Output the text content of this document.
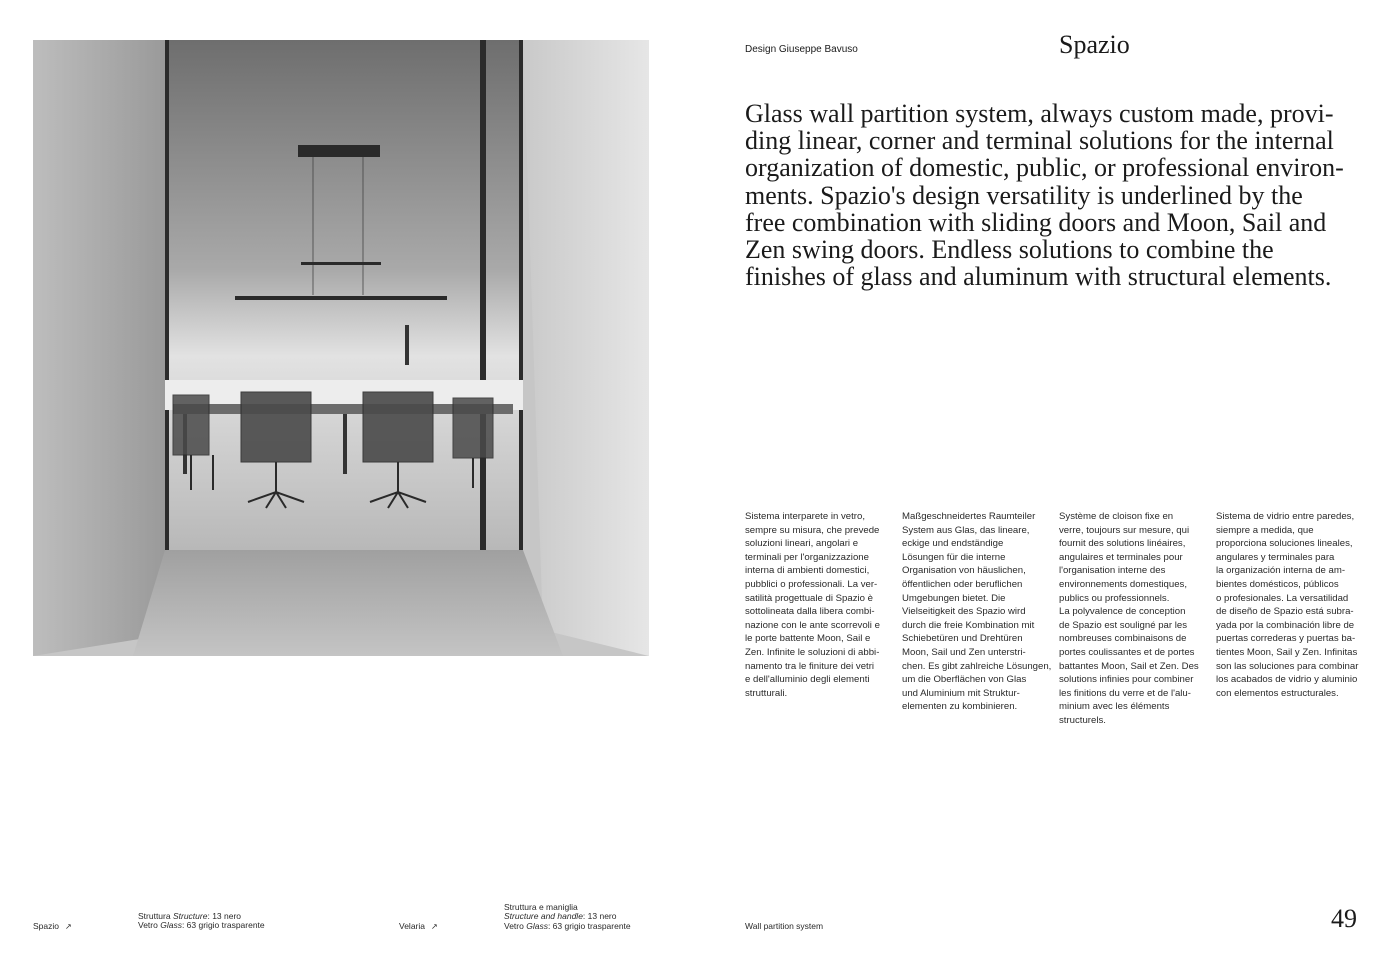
Design Giuseppe Bavuso	Spazio

Glass wall partition system, always custom made, provi-
ding linear, corner and terminal solutions for the internal
organization of domestic, public, or professional environ-
ments. Spazio's design versatility is underlined by the
free combination with sliding doors and Moon, Sail and
Zen swing doors. Endless solutions to combine the
finishes of glass and aluminum with structural elements.

Sistema interparete in vetro,
sempre su misura, che prevede
soluzioni lineari, angolari e
terminali per l'organizzazione
interna di ambienti domestici,
pubblici o professionali. La ver-
satilità progettuale di Spazio è
sottolineata dalla libera combi-
nazione con le ante scorrevoli e
le porte battente Moon, Sail e
Zen. Infinite le soluzioni di abbi-
namento tra le finiture dei vetri
e dell'alluminio degli elementi
strutturali.

Maßgeschneidertes Raumteiler
System aus Glas, das lineare,
eckige und endständige
Lösungen für die interne
Organisation von häuslichen,
öffentlichen oder beruflichen
Umgebungen bietet. Die
Vielseitigkeit des Spazio wird
durch die freie Kombination mit
Schiebetüren und Drehtüren
Moon, Sail und Zen unterstri-
chen. Es gibt zahlreiche Lösungen,
um die Oberflächen von Glas
und Aluminium mit Struktur-
elementen zu kombinieren.

Système de cloison fixe en
verre, toujours sur mesure, qui
fournit des solutions linéaires,
angulaires et terminales pour
l'organisation interne des
environnements domestiques,
publics ou professionnels.
La polyvalence de conception
de Spazio est souligné par les
nombreuses combinaisons de
portes coulissantes et de portes
battantes Moon, Sail et Zen. Des
solutions infinies pour combiner
les finitions du verre et de l'alu-
minium avec les éléments
structurels.

Sistema de vidrio entre paredes,
siempre a medida, que
proporciona soluciones lineales,
angulares y terminales para
la organización interna de am-
bientes domésticos, públicos
o profesionales. La versatilidad
de diseño de Spazio está subra-
yada por la combinación libre de
puertas correderas y puertas ba-
tientes Moon, Sail y Zen. Infinitas
son las soluciones para combinar
los acabados de vidrio y aluminio
con elementos estructurales.

Spazio ↗
Struttura Structure: 13 nero
Vetro Glass: 63 grigio trasparente	Velaria ↗
Struttura e maniglia
Structure and handle: 13 nero
Vetro Glass: 63 grigio trasparente	Wall partition system	49
